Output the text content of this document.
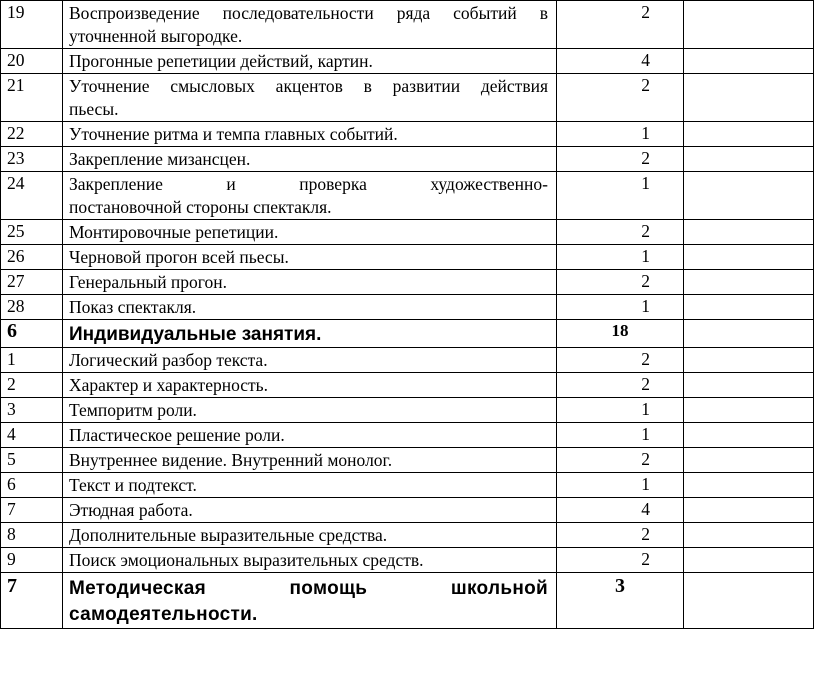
19	Воспроизведение последовательности ряда событий в
уточненной выгородке.	2	
20	Прогонные репетиции действий, картин.	4	
21	Уточнение смысловых акцентов в развитии действия
пьесы.	2	
22	Уточнение ритма и темпа главных событий.	1	
23	Закрепление мизансцен.	2	
24	Закрепление и проверка художественно-
постановочной стороны спектакля.	1	
25	Монтировочные репетиции.	2	
26	Черновой прогон всей пьесы.	1	
27	Генеральный прогон.	2	
28	Показ спектакля.	1	
6	Индивидуальные занятия.	18	
1	Логический разбор текста.	2	
2	Характер и характерность.	2	
3	Темпоритм роли.	1	
4	Пластическое решение роли.	1	
5	Внутреннее видение. Внутренний монолог.	2	
6	Текст и подтекст.	1	
7	Этюдная работа.	4	
8	Дополнительные выразительные средства.	2	
9	Поиск эмоциональных выразительных средств.	2	
7	Методическая помощь школьной
самодеятельности.	3	
